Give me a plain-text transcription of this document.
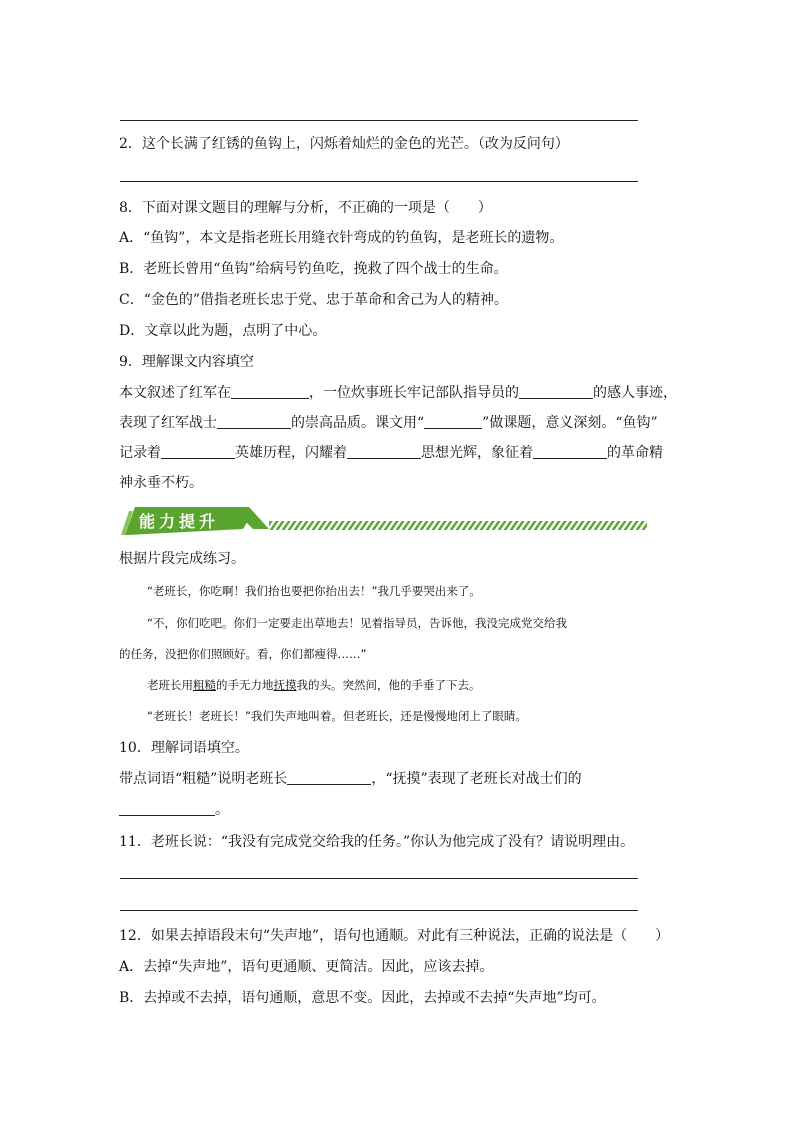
2．这个长满了红锈的鱼钩上，闪烁着灿烂的金色的光芒。（改为反问句）
8．下面对课文题目的理解与分析，不正确的一项是（　　）
A．“鱼钩”，本文是指老班长用缝衣针弯成的钓鱼钩，是老班长的遗物。
B．老班长曾用“鱼钩”给病号钓鱼吃，挽救了四个战士的生命。
C．“金色的”借指老班长忠于党、忠于革命和舍己为人的精神。
D．文章以此为题，点明了中心。
9．理解课文内容填空
本文叙述了红军在	，一位炊事班长牢记部队指导员的	的感人事迹，
表现了红军战士	的崇高品质。课文用“	”做课题，意义深刻。“鱼钩”
记录着	英雄历程，闪耀着	思想光辉，象征着	的革命精
神永垂不朽。
能力提升
根据片段完成练习。
“老班长，你吃啊！我们抬也要把你抬出去！”我几乎要哭出来了。
“不，你们吃吧。你们一定要走出草地去！见着指导员，告诉他，我没完成党交给我
的任务，没把你们照顾好。看，你们都瘦得……”
老班长用粗糙的手无力地抚摸我的头。突然间，他的手垂了下去。
“老班长！老班长！”我们失声地叫着。但老班长，还是慢慢地闭上了眼睛。
10．理解词语填空。
带点词语“粗糙”说明老班长	，“抚摸”表现了老班长对战士们的
。
11．老班长说：“我没有完成党交给我的任务。”你认为他完成了没有？请说明理由。
12．如果去掉语段末句“失声地”，语句也通顺。对此有三种说法，正确的说法是（　　）
A．去掉“失声地”，语句更通顺、更简洁。因此，应该去掉。
B．去掉或不去掉，语句通顺，意思不变。因此，去掉或不去掉“失声地”均可。
